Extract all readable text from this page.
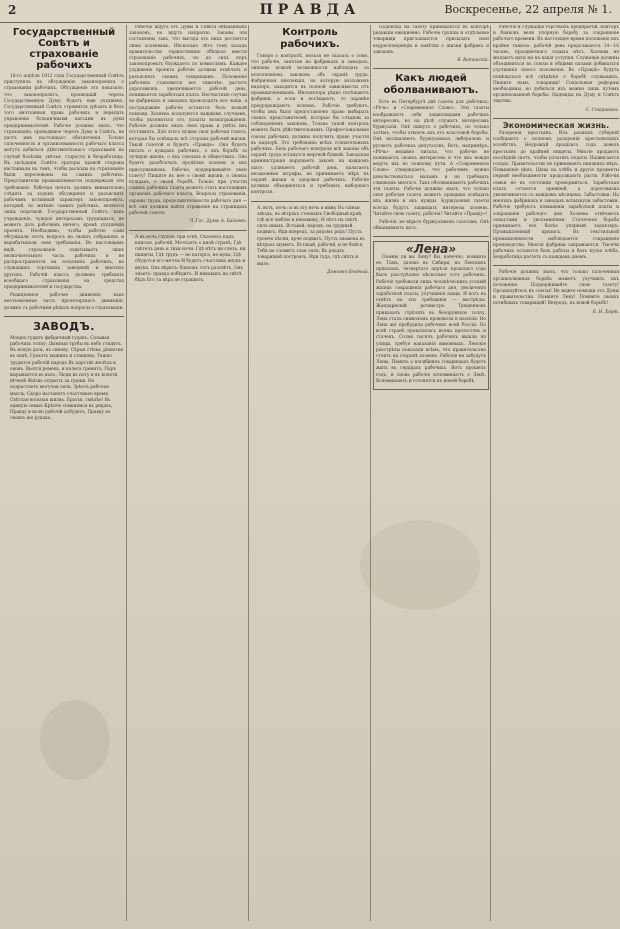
2	ПРАВДА	Воскресенье, 22 апреля № 1.
Государственный Совѣтъ и страхованіе рабочихъ
18-го апрѣля 1912 года Государственный Совѣтъ приступилъ къ обсужденію законопроекта о страхованіи рабочихъ. Обсужденіе это показало, что законопроектъ, прошедшій черезъ Государственную Думу, будетъ еще ухудшенъ. Государственный Совѣтъ стремится урѣзать и безъ того ничтожныя права рабочихъ и передать управленіе больничными кассами въ руки предпринимателей. Рабочіе должны знать, что страхованіе, проводимое черезъ Думу и Совѣтъ, не дастъ имъ настоящаго обезпеченія. Только сплоченность и организованность рабочаго класса могутъ добиться дѣйствительнаго страхованія на случай болѣзни, увѣчья, старости и безработицы. Въ засѣданіи Совѣта ораторы правой стороны настаивали на томъ, чтобы расходы на страхованіе были переложены на самихъ рабочихъ. Представители промышленности поддержали эти требованія. Рабочая печать должна внимательно слѣдить за ходомъ обсужденія и разъяснять рабочимъ истинный характеръ законопроекта, который, по мнѣнію самихъ рабочихъ, является лишь подачкой. Государственный Совѣтъ, какъ учрежденіе, чуждое интересамъ трудящихся, не можетъ дать рабочимъ ничего, кромѣ ухудшенія проекта. Необходимо, чтобы рабочіе сами обсуждали этотъ вопросъ на своихъ собраніяхъ и вырабатывали свои требованія. Въ настоящемъ видѣ страхованіе охватываетъ лишь незначительную часть рабочихъ и не распространяется на сельскихъ рабочихъ, на служащихъ торговыхъ заведеній и многихъ другихъ. Рабочій классъ долженъ требовать всеобщаго страхованія на средства предпринимателей и государства.
Реакціонное рабочее движеніе, какъ неотъемлемая часть пролетарскаго движенія, должно съ рабочими рѣшать вопросы о страхованіи.
ЗАВОДЪ.
Мощно гудитъ фабричный гудокъ, Созывая рабочихъ толпу; Дымныя трубы въ небо глядятъ, Въ ясную даль, въ синеву. Сѣрыя стѣны, рѣшетки въ окнѣ, Грохотъ машинъ и станковъ; Тяжко трудится рабочій народъ Въ царствѣ желѣза и оковъ. Вьется ремень, и колеса гремятъ, Паръ вырывается въ высь; Люди въ поту и въ копоти вѣчной Жизнь отдаютъ за гроши. Но подрастаетъ могучая сила, Зрѣетъ рабочая мысль; Скоро настанетъ счастливое время, Свѣтлая вольная жизнь. Братья, смѣлѣе! Въ единую семью Крѣпче сомкнемся въ рядахъ; Правду и волю рабочій добудетъ, Правду въ своихъ же рукахъ.
Рабочіе ждутъ отъ Думы и Совѣта обѣщанныхъ законовъ, но ждутъ напрасно. Законы эти составлены такъ, что выгода отъ нихъ достается лишь хозяевамъ. Нѣсколько лѣтъ тому назадъ правительство торжественно обѣщало ввести страхованіе рабочихъ, но до сихъ поръ законопроектъ блуждаетъ по комиссіямъ. Каждое ухудшеніе проекта рабочіе должны отмѣчать и разъяснять своимъ товарищамъ. Положеніе рабочихъ становится все тяжелѣе: растетъ дороговизна, увеличивается рабочій день, понижается заработная плата. Несчастные случаи на фабрикахъ и заводахъ происходятъ все чаще, а пострадавшіе рабочіе остаются безъ всякой помощи. Хозяева пользуются каждымъ случаемъ, чтобы уклониться отъ уплаты вознагражденія. Рабочіе должны знать свои права и умѣть ихъ отстаивать. Для этого нужна своя рабочая газета, которая бы освѣщала всѣ стороны рабочей жизни. Такой газетой и будетъ «Правда». Она будетъ писать о нуждахъ рабочихъ, о ихъ борьбѣ за лучшую жизнь, о ихъ союзахъ и обществахъ. Она будетъ разоблачать продѣлки хозяевъ и ихъ прислужниковъ. Рабочіе, поддерживайте свою газету! Пишите въ нее о своей жизни, о своихъ нуждахъ, о своей борьбѣ. Только при участіи самихъ рабочихъ газета можетъ стать настоящимъ органомъ рабочаго класса. Вопросы страхованія, охраны труда, продолжительности рабочаго дня — всѣ они должны найти отраженіе на страницахъ рабочей газеты.
Ч. Гос. Думы А. Бадаевъ.
А въ ночь глухую, при огнѣ, Склонясь надъ книгою, рабочій, Мечтаетъ о иной странѣ, Гдѣ свѣтелъ день и тихи ночи. Гдѣ нѣтъ ни слезъ, ни нищеты, Гдѣ трудъ — не каторга, не мука, Гдѣ сбудутся его мечты И будетъ счастливъ внукъ и внука. Онъ вѣритъ: близокъ тотъ разсвѣтъ, Онъ знаетъ: правда побѣдитъ, И никакихъ на свѣтѣ бѣдъ Его та вѣра не страшитъ.
Контроль рабочихъ.
Говоря о контролѣ, нельзя не сказать о томъ, что рабочіе, занятые на фабрикахъ и заводахъ, лишены всякой возможности наблюдать за исполненіемъ законовъ объ охранѣ труда. Фабричная инспекція, на которую возложенъ надзоръ, находится въ полной зависимости отъ промышленниковъ. Инспектора рѣдко посѣщаютъ фабрики, а если и посѣщаютъ, то заранѣе предупреждаютъ хозяевъ. Рабочіе требуютъ, чтобы имъ было предоставлено право выбирать своихъ представителей, которые бы слѣдили за соблюденіемъ законовъ. Только такой контроль можетъ быть дѣйствительнымъ. Профессіональные союзы рабочихъ должны получить право участія въ надзорѣ. Это требованіе всѣхъ сознательныхъ рабочихъ. Безъ рабочаго контроля всѣ законы объ охранѣ труда останутся мертвой буквой. Заводская администрація нарушаетъ законъ на каждомъ шагу: удлиняетъ рабочій день, налагаетъ незаконные штрафы, не принимаетъ мѣръ къ охранѣ жизни и здоровья рабочихъ. Рабочіе должны объединяться и требовать выборнаго контроля.
А, вотъ, ночь; и въ эту ночь я вижу Въ сіяньи звѣздъ, въ вѣтрахъ степныхъ Свободный край, гдѣ все люблю и ненавижу, И нѣтъ на свѣтѣ силъ иныхъ. Вставай, народъ, на трудный подвигъ, Иди впередъ, за рядомъ рядъ! Пусть громче пѣсни, ярче подвигъ, Пусть знамена въ вѣтрахъ шумятъ. Вставай, рабочій, и не бойся, Тебя не сломитъ злая сила; Въ рядахъ товарищей построясь, Иди туда, гдѣ свѣтъ и мило.
Демьянъ Бѣдный.
Подписка на газету принимается въ конторѣ редакціи ежедневно. Рабочіе группы и отдѣльные товарищи приглашаются присылать свои корреспонденціи и замѣтки о жизни фабрикъ и заводовъ.
В. Ватинскій.
Какъ людей оболваниваютъ.
Есть въ Петербургѣ двѣ газеты для рабочихъ: «Рѣчь» и «Современное Слово». Эти газеты изображаютъ себя защитницами рабочихъ интересовъ, но на дѣлѣ служатъ интересамъ буржуазіи. Онѣ пишутъ о рабочихъ, но только затѣмъ, чтобы отвлечь ихъ отъ классовой борьбы. Онѣ восхваляютъ буржуазныхъ либераловъ и ругаютъ рабочихъ депутатовъ. Вотъ, напримѣръ, «Рѣчь» недавно писала, что рабочіе не понимаютъ своихъ интересовъ и что ихъ вожди ведутъ ихъ по ложному пути. А «Современное Слово» утверждаетъ, что рабочимъ нужно довольствоваться малымъ и не требовать слишкомъ многаго. Такъ оболваниваютъ рабочихъ эти газеты. Рабочіе должны знать, что только своя рабочая газета можетъ правдиво освѣщать ихъ жизнь и ихъ нужды. Буржуазныя газеты всегда будутъ защищать интересы хозяевъ. Читайте свою газету, рабочіе! Читайте «Правду»!
Рабочіе, не вѣрьте буржуазнымъ газетамъ. Онѣ обманываютъ васъ.
«Лена»
Помню ли вы Лену? Вы, конечно, помните ее. Тамъ, далеко въ Сибири, на Ленскихъ пріискахъ, четвертаго апрѣля прошлаго года было разстрѣляно нѣсколько сотъ рабочихъ. Рабочіе требовали лишь человѣческихъ условій жизни: сокращенія рабочаго дня, увеличенія заработной платы, улучшенія пищи. И вотъ въ отвѣтъ на эти требованія — выстрѣлы. Жандармскій ротмистръ Трещенковъ приказалъ стрѣлять въ безоружную толпу. Лена стала символомъ произвола и насилія. Но Лена же пробудила рабочихъ всей Россіи. По всей странѣ прокатилась волна протестовъ и стачекъ. Сотни тысячъ рабочихъ вышли на улицы, требуя наказанія виновныхъ. Ленскіе разстрѣлы показали всѣмъ, что правительство стоитъ на сторонѣ хозяевъ. Рабочіе не забудутъ Лены. Память о погибшихъ товарищахъ будетъ жить въ сердцахъ рабочихъ. Вотъ прошелъ годъ, и снова рабочіе вспоминаютъ о Ленѣ. Вспоминаютъ и готовятся къ новой борьбѣ.
Рабочіе и служащіе торговыхъ предпріятій, конторъ и банковъ вели упорную борьбу за сокращеніе рабочаго времени. Въ настоящее время положеніе ихъ крайне тяжело: рабочій день продолжается 14—16 часовъ, праздничнаго отдыха нѣтъ. Хозяева не желаютъ идти ни на какія уступки. Служащіе должны объединиться въ союзы и общими силами добиваться улучшенія своего положенія. Въ «Правдѣ» будутъ помѣщаться всѣ свѣдѣнія о борьбѣ служащихъ. Пишите намъ, товарищи! Соціальныя реформы необходимы, но добиться ихъ можно лишь путемъ организованной борьбы. Надежды на Думу и Совѣтъ тщетны.
С. Стариковъ.
Экономическая жизнь.
Разоренія крестьянъ. Изъ разныхъ губерній сообщаютъ о полномъ разореніи крестьянскихъ хозяйствъ. Неурожай прошлаго года довелъ крестьянъ до крайней нищеты. Многіе продаютъ послѣдній скотъ, чтобы уплатить подати. Надвигается голодъ. Правительство не принимаетъ никакихъ мѣръ. Повышеніе цѣнъ. Цѣны на хлѣбъ и другіе предметы первой необходимости продолжаютъ расти. Рабочія семьи не въ состояніи прокормиться. Заработная плата остается прежней, а дороговизна увеличивается съ каждымъ мѣсяцемъ. Забастовки. На многихъ фабрикахъ и заводахъ вспыхнули забастовки. Рабочіе требуютъ повышенія заработной платы и сокращенія рабочаго дня. Хозяева отвѣчаютъ локаутами и увольненіями. Стачечная борьба принимаетъ все болѣе упорный характеръ. Промышленный кризисъ. Въ текстильной промышленности наблюдается сокращеніе производства. Многія фабрики закрываются. Тысячи рабочихъ остаются безъ работы и безъ куска хлѣба. Безработица растетъ съ каждымъ днемъ.
Рабочіе должны знать, что только сплоченная организованная борьба можетъ улучшить ихъ положеніе. Поддерживайте свою газету! Организуйтесь въ союзы! Не ждите помощи отъ Думы и правительства. Помните Лену! Помните своихъ погибшихъ товарищей! Впередъ, къ новой борьбѣ!
Б. Н. Хорт.
